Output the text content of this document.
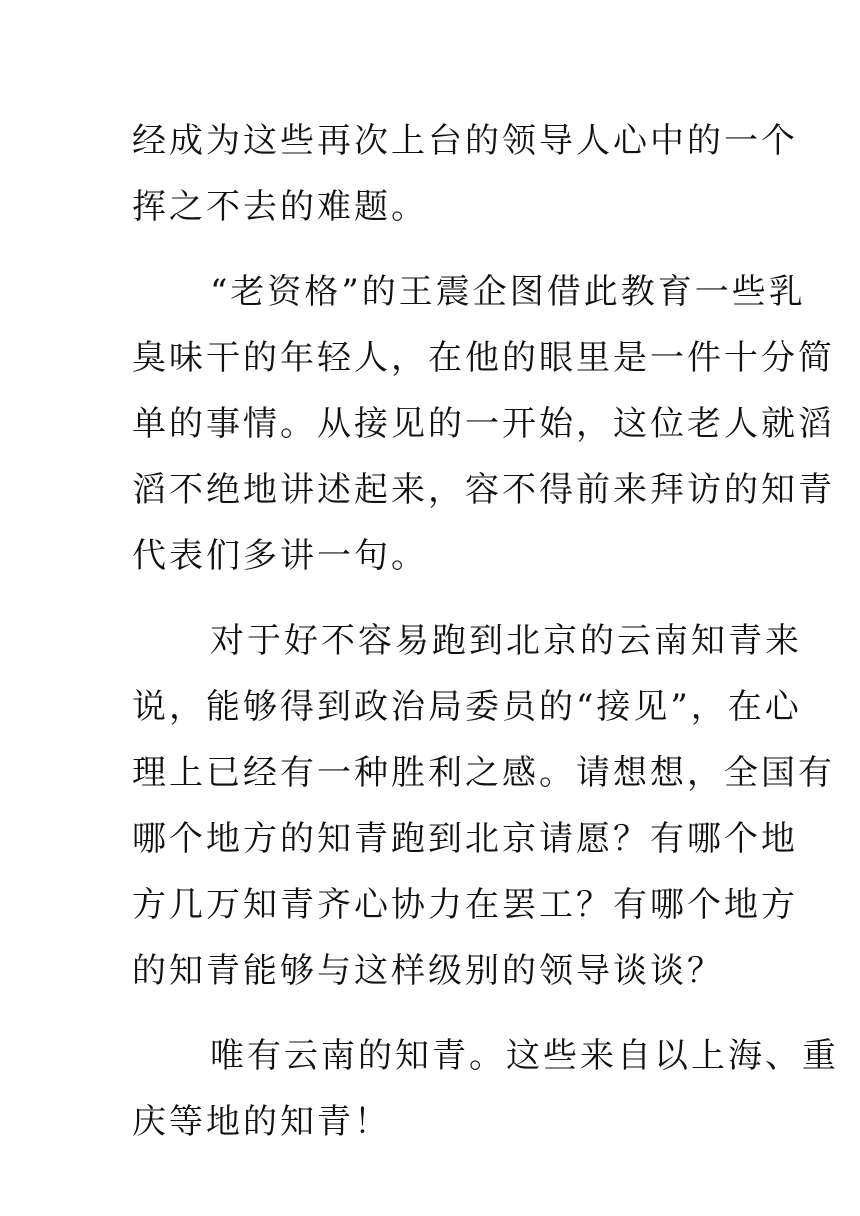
经成为这些再次上台的领导人心中的一个
挥之不去的难题。
“老资格”的王震企图借此教育一些乳
臭味干的年轻人，在他的眼里是一件十分简
单的事情。从接见的一开始，这位老人就滔
滔不绝地讲述起来，容不得前来拜访的知青
代表们多讲一句。
对于好不容易跑到北京的云南知青来
说，能够得到政治局委员的“接见”，在心
理上已经有一种胜利之感。请想想，全国有
哪个地方的知青跑到北京请愿？有哪个地
方几万知青齐心协力在罢工？有哪个地方
的知青能够与这样级别的领导谈谈？
唯有云南的知青。这些来自以上海、重
庆等地的知青！
